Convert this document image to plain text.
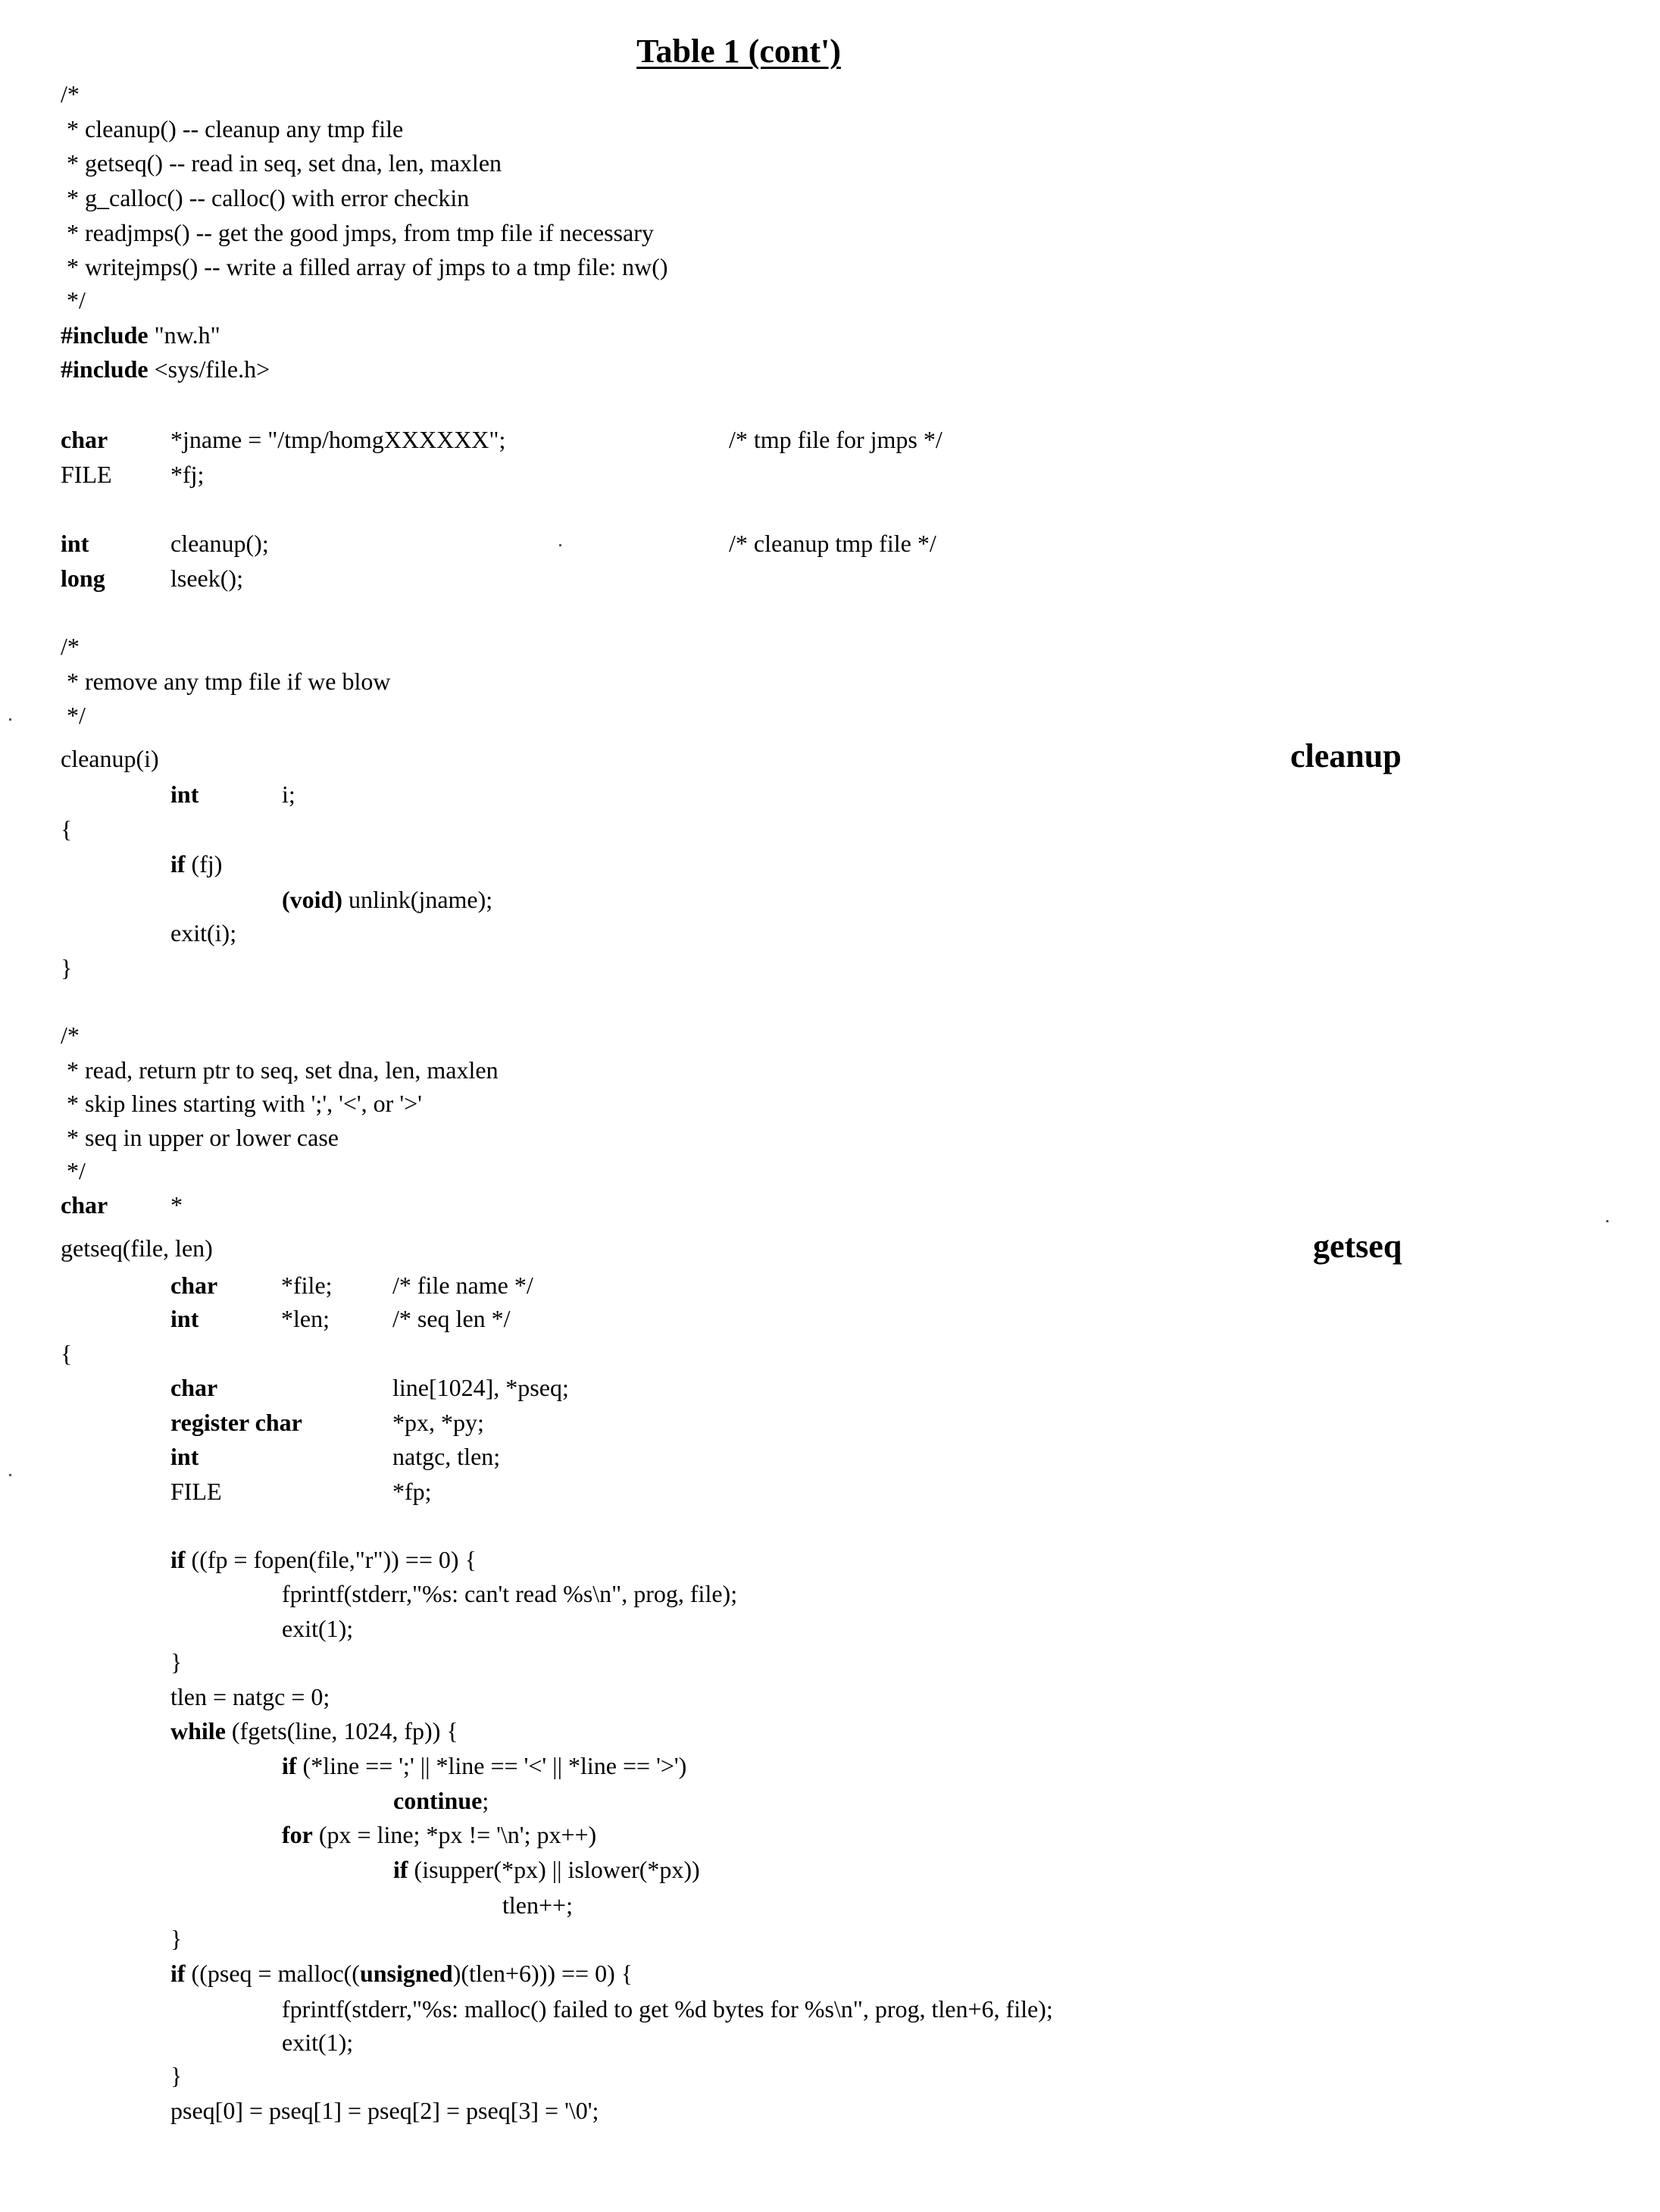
Table 1 (cont')
/*
* cleanup() -- cleanup any tmp file
* getseq() -- read in seq, set dna, len, maxlen
* g_calloc() -- calloc() with error checkin
* readjmps() -- get the good jmps, from tmp file if necessary
* writejmps() -- write a filled array of jmps to a tmp file: nw()
*/
#include "nw.h"
#include <sys/file.h>
char	*jname = "/tmp/homgXXXXXX";	/* tmp file for jmps */
FILE *fj;
int	cleanup();	/* cleanup tmp file */
long	lseek();
/*
* remove any tmp file if we blow
*/
cleanup(i)	cleanup
int	i;
{
if (fj)
(void) unlink(jname);
exit(i);
}
/*
* read, return ptr to seq, set dna, len, maxlen
* skip lines starting with ';', '<', or '>'
* seq in upper or lower case
*/
char	*
getseq(file, len)	getseq
char	*file; /* file name */
int	*len;	/* seq len */
{
char	line[1024], *pseq;
register char	*px, *py;
int	natgc, tlen;
FILE	*fp;
if ((fp = fopen(file,"r")) == 0) {
fprintf(stderr,"%s: can't read %s\n", prog, file);
exit(1);
}
tlen = natgc = 0;
while (fgets(line, 1024, fp)) {
if (*line == ';' || *line == '<' || *line == '>')
continue;
for (px = line; *px != '\n'; px++)
if (isupper(*px) || islower(*px))
tlen++;
}
if ((pseq = malloc((unsigned)(tlen+6))) == 0) {
fprintf(stderr,"%s: malloc() failed to get %d bytes for %s\n", prog, tlen+6, file);
exit(1);
}
pseq[0] = pseq[1] = pseq[2] = pseq[3] = '\0';
